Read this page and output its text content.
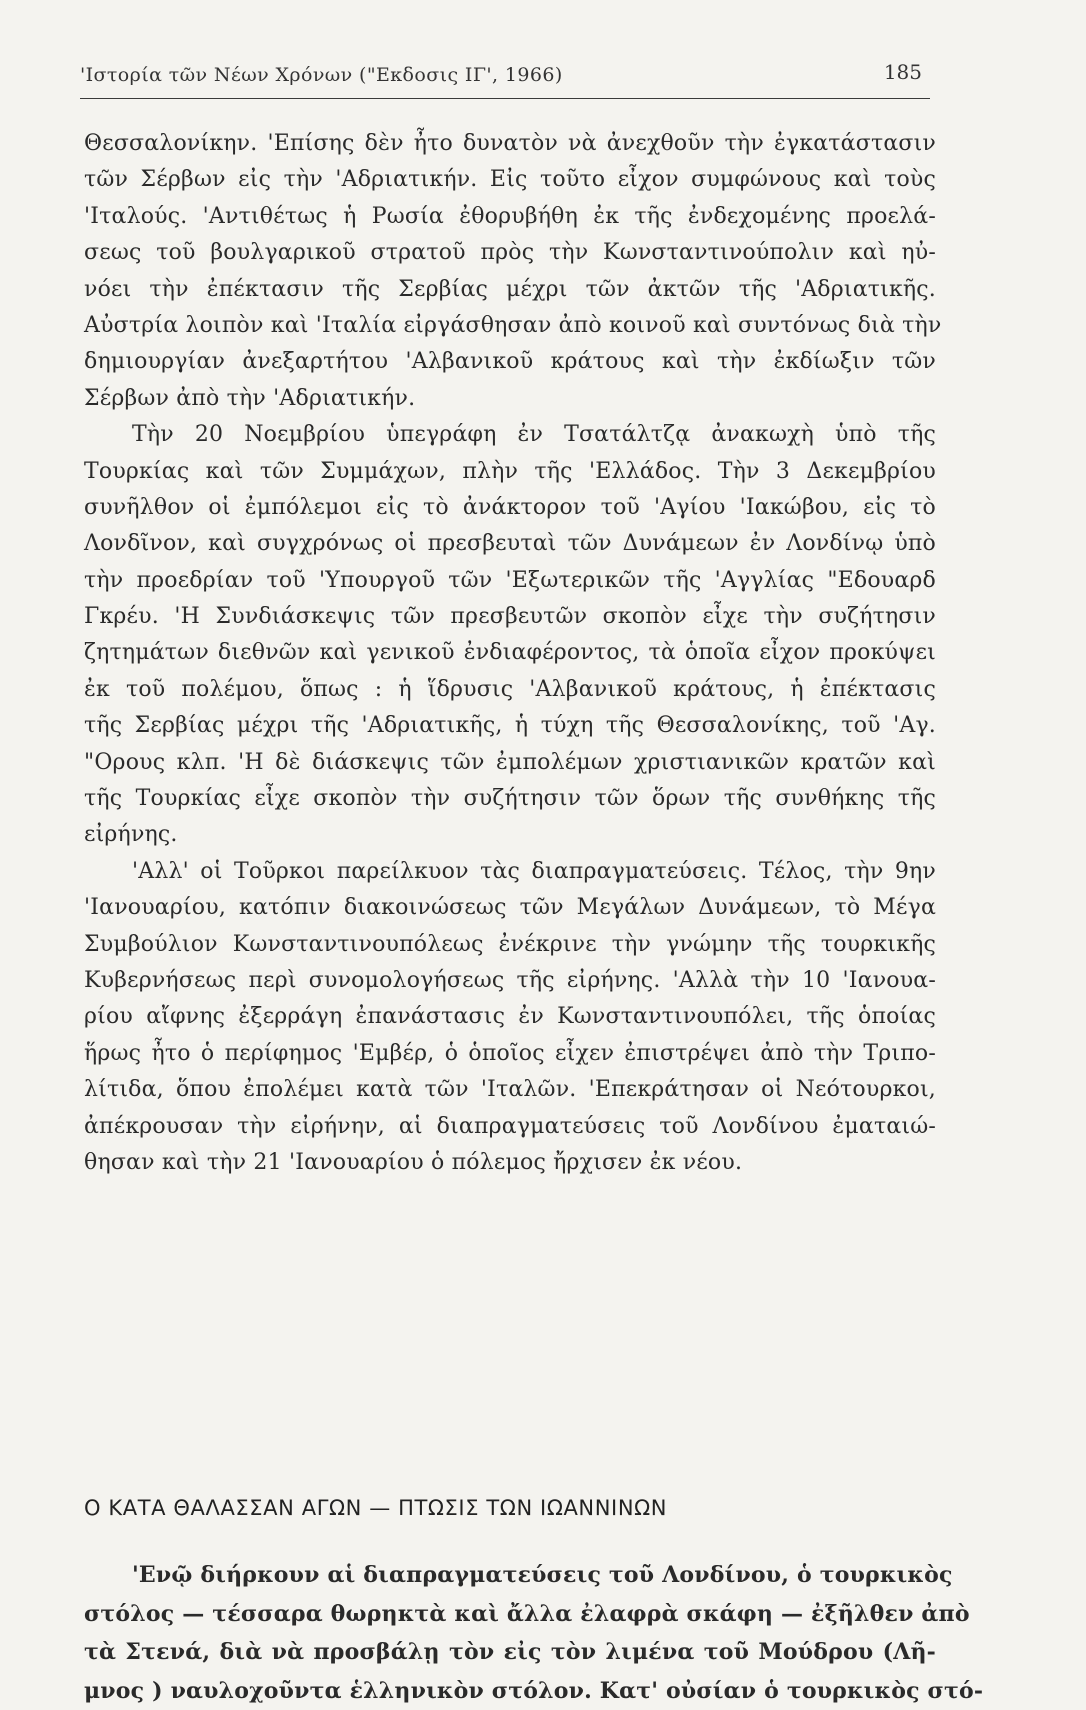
'Ιστορία τῶν Νέων Χρόνων ("Εκδοσις ΙΓ', 1966)	185
Θεσσαλονίκην. 'Επίσης δὲν ἦτο δυνατὸν νὰ ἀνεχθοῦν τὴν ἐγκατάστασιν
τῶν Σέρβων εἰς τὴν 'Αδριατικήν. Εἰς τοῦτο εἶχον συμφώνους καὶ τοὺς
'Ιταλούς. 'Αντιθέτως ἡ Ρωσία ἐθορυβήθη ἐκ τῆς ἐνδεχομένης προελά-
σεως τοῦ βουλγαρικοῦ στρατοῦ πρὸς τὴν Κωνσταντινούπολιν καὶ ηὐ-
νόει τὴν ἐπέκτασιν τῆς Σερβίας μέχρι τῶν ἀκτῶν τῆς 'Αδριατικῆς.
Αὐστρία λοιπὸν καὶ 'Ιταλία εἰργάσθησαν ἀπὸ κοινοῦ καὶ συντόνως διὰ τὴν
δημιουργίαν ἀνεξαρτήτου 'Αλβανικοῦ κράτους καὶ τὴν ἐκδίωξιν τῶν
Σέρβων ἀπὸ τὴν 'Αδριατικήν.
Τὴν 20 Νοεμβρίου ὑπεγράφη ἐν Τσατάλτζᾳ ἀνακωχὴ ὑπὸ τῆς
Τουρκίας καὶ τῶν Συμμάχων, πλὴν τῆς 'Ελλάδος. Τὴν 3 Δεκεμβρίου
συνῆλθον οἱ ἐμπόλεμοι εἰς τὸ ἀνάκτορον τοῦ 'Αγίου 'Ιακώβου, εἰς τὸ
Λονδῖνον, καὶ συγχρόνως οἱ πρεσβευταὶ τῶν Δυνάμεων ἐν Λονδίνῳ ὑπὸ
τὴν προεδρίαν τοῦ 'Υπουργοῦ τῶν 'Εξωτερικῶν τῆς 'Αγγλίας "Εδουαρδ
Γκρέυ. 'Η Συνδιάσκεψις τῶν πρεσβευτῶν σκοπὸν εἶχε τὴν συζήτησιν
ζητημάτων διεθνῶν καὶ γενικοῦ ἐνδιαφέροντος, τὰ ὁποῖα εἶχον προκύψει
ἐκ τοῦ πολέμου, ὅπως : ἡ ἵδρυσις 'Αλβανικοῦ κράτους, ἡ ἐπέκτασις
τῆς Σερβίας μέχρι τῆς 'Αδριατικῆς, ἡ τύχη τῆς Θεσσαλονίκης, τοῦ 'Αγ.
"Ορους κλπ. 'Η δὲ διάσκεψις τῶν ἐμπολέμων χριστιανικῶν κρατῶν καὶ
τῆς Τουρκίας εἶχε σκοπὸν τὴν συζήτησιν τῶν ὅρων τῆς συνθήκης τῆς
εἰρήνης.
'Αλλ' οἱ Τοῦρκοι παρείλκυον τὰς διαπραγματεύσεις. Τέλος, τὴν 9ην
'Ιανουαρίου, κατόπιν διακοινώσεως τῶν Μεγάλων Δυνάμεων, τὸ Μέγα
Συμβούλιον Κωνσταντινουπόλεως ἐνέκρινε τὴν γνώμην τῆς τουρκικῆς
Κυβερνήσεως περὶ συνομολογήσεως τῆς εἰρήνης. 'Αλλὰ τὴν 10 'Ιανουα-
ρίου αἴφνης ἐξερράγη ἐπανάστασις ἐν Κωνσταντινουπόλει, τῆς ὁποίας
ἥρως ἦτο ὁ περίφημος 'Εμβέρ, ὁ ὁποῖος εἶχεν ἐπιστρέψει ἀπὸ τὴν Τριπο-
λίτιδα, ὅπου ἐπολέμει κατὰ τῶν 'Ιταλῶν. 'Επεκράτησαν οἱ Νεότουρκοι,
ἀπέκρουσαν τὴν εἰρήνην, αἱ διαπραγματεύσεις τοῦ Λονδίνου ἐματαιώ-
θησαν καὶ τὴν 21 'Ιανουαρίου ὁ πόλεμος ἤρχισεν ἐκ νέου.
Ο ΚΑΤΑ ΘΑΛΑΣΣΑΝ ΑΓΩΝ — ΠΤΩΣΙΣ ΤΩΝ ΙΩΑΝΝΙΝΩΝ
'Ενῷ διήρκουν αἱ διαπραγματεύσεις τοῦ Λονδίνου, ὁ τουρκικὸς
στόλος — τέσσαρα θωρηκτὰ καὶ ἄλλα ἐλαφρὰ σκάφη — ἐξῆλθεν ἀπὸ
τὰ Στενά, διὰ νὰ προσβάλῃ τὸν εἰς τὸν λιμένα τοῦ Μούδρου (Λῆ-
μνος ) ναυλοχοῦντα ἑλληνικὸν στόλον. Κατ' οὐσίαν ὁ τουρκικὸς στό-
